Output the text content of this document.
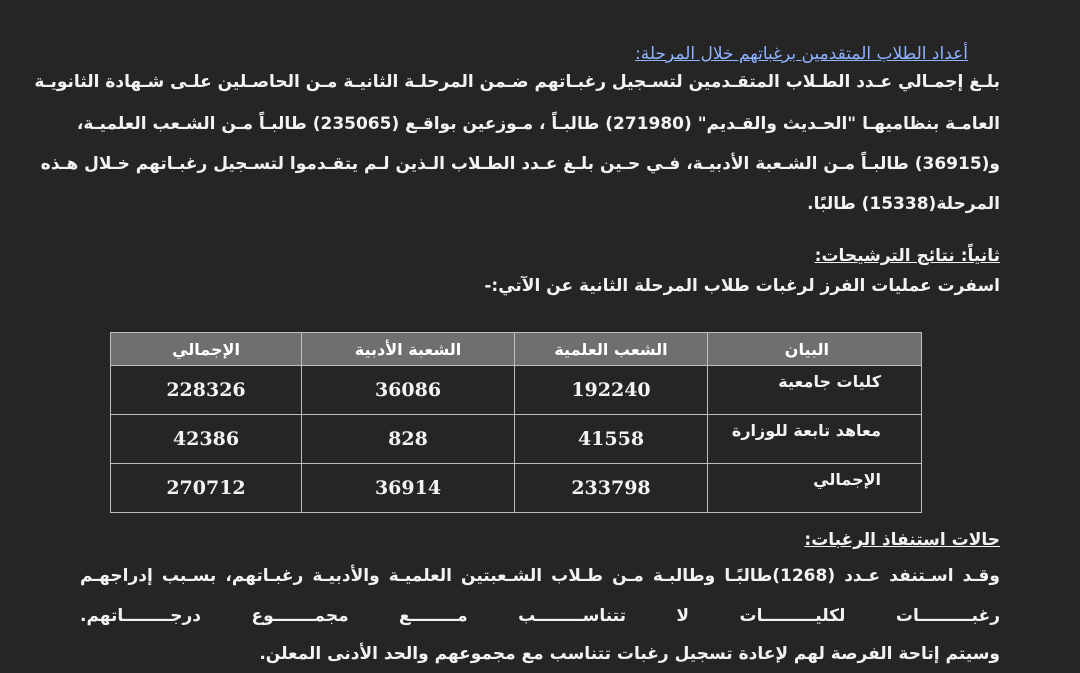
أعداد الطلاب المتقدمين برغباتهم خلال المرحلة:
بلـغ إجمـالي عـدد الطـلاب المتقـدمين لتسـجيل رغبـاتهم ضـمن المرحلـة الثانيـة مـن الحاصـلين علـى شـهادة الثانويـة
العامـة بنظاميهـا "الحـديث والقـديم" (271980) طالبـاً ، مـوزعين بواقـع (235065) طالبـاً مـن الشـعب العلميـة،
و(36915) طالبـاً مـن الشـعبة الأدبيـة، فـي حـين بلـغ عـدد الطـلاب الـذين لـم يتقـدموا لتسـجيل رغبـاتهم خـلال هـذه
المرحلة(15338) طالبًا.
ثانياً: نتائج الترشيحات:
اسفرت عمليات الفرز لرغبات طلاب المرحلة الثانية عن الآتي:-
البيان	الشعب العلمية	الشعبة الأدبية	الإجمالي
كليات جامعية	192240	36086	228326
معاهد تابعة للوزارة	41558	828	42386
الإجمالي	233798	36914	270712
حالات استنفاذ الرغبات:
وقـد اسـتنفد عـدد (1268)طالبًـا وطالبـة مـن طـلاب الشـعبتين العلميـة والأدبيـة رغبـاتهم، بسـبب إدراجهـم
رغبـــــــــات لكليـــــــــات لا تتناســــــــب مــــــــع مجمـــــــوع درجــــــــاتهم.
وسيتم إتاحة الفرصة لهم لإعادة تسجيل رغبات تتناسب مع مجموعهم والحد الأدنى المعلن.
